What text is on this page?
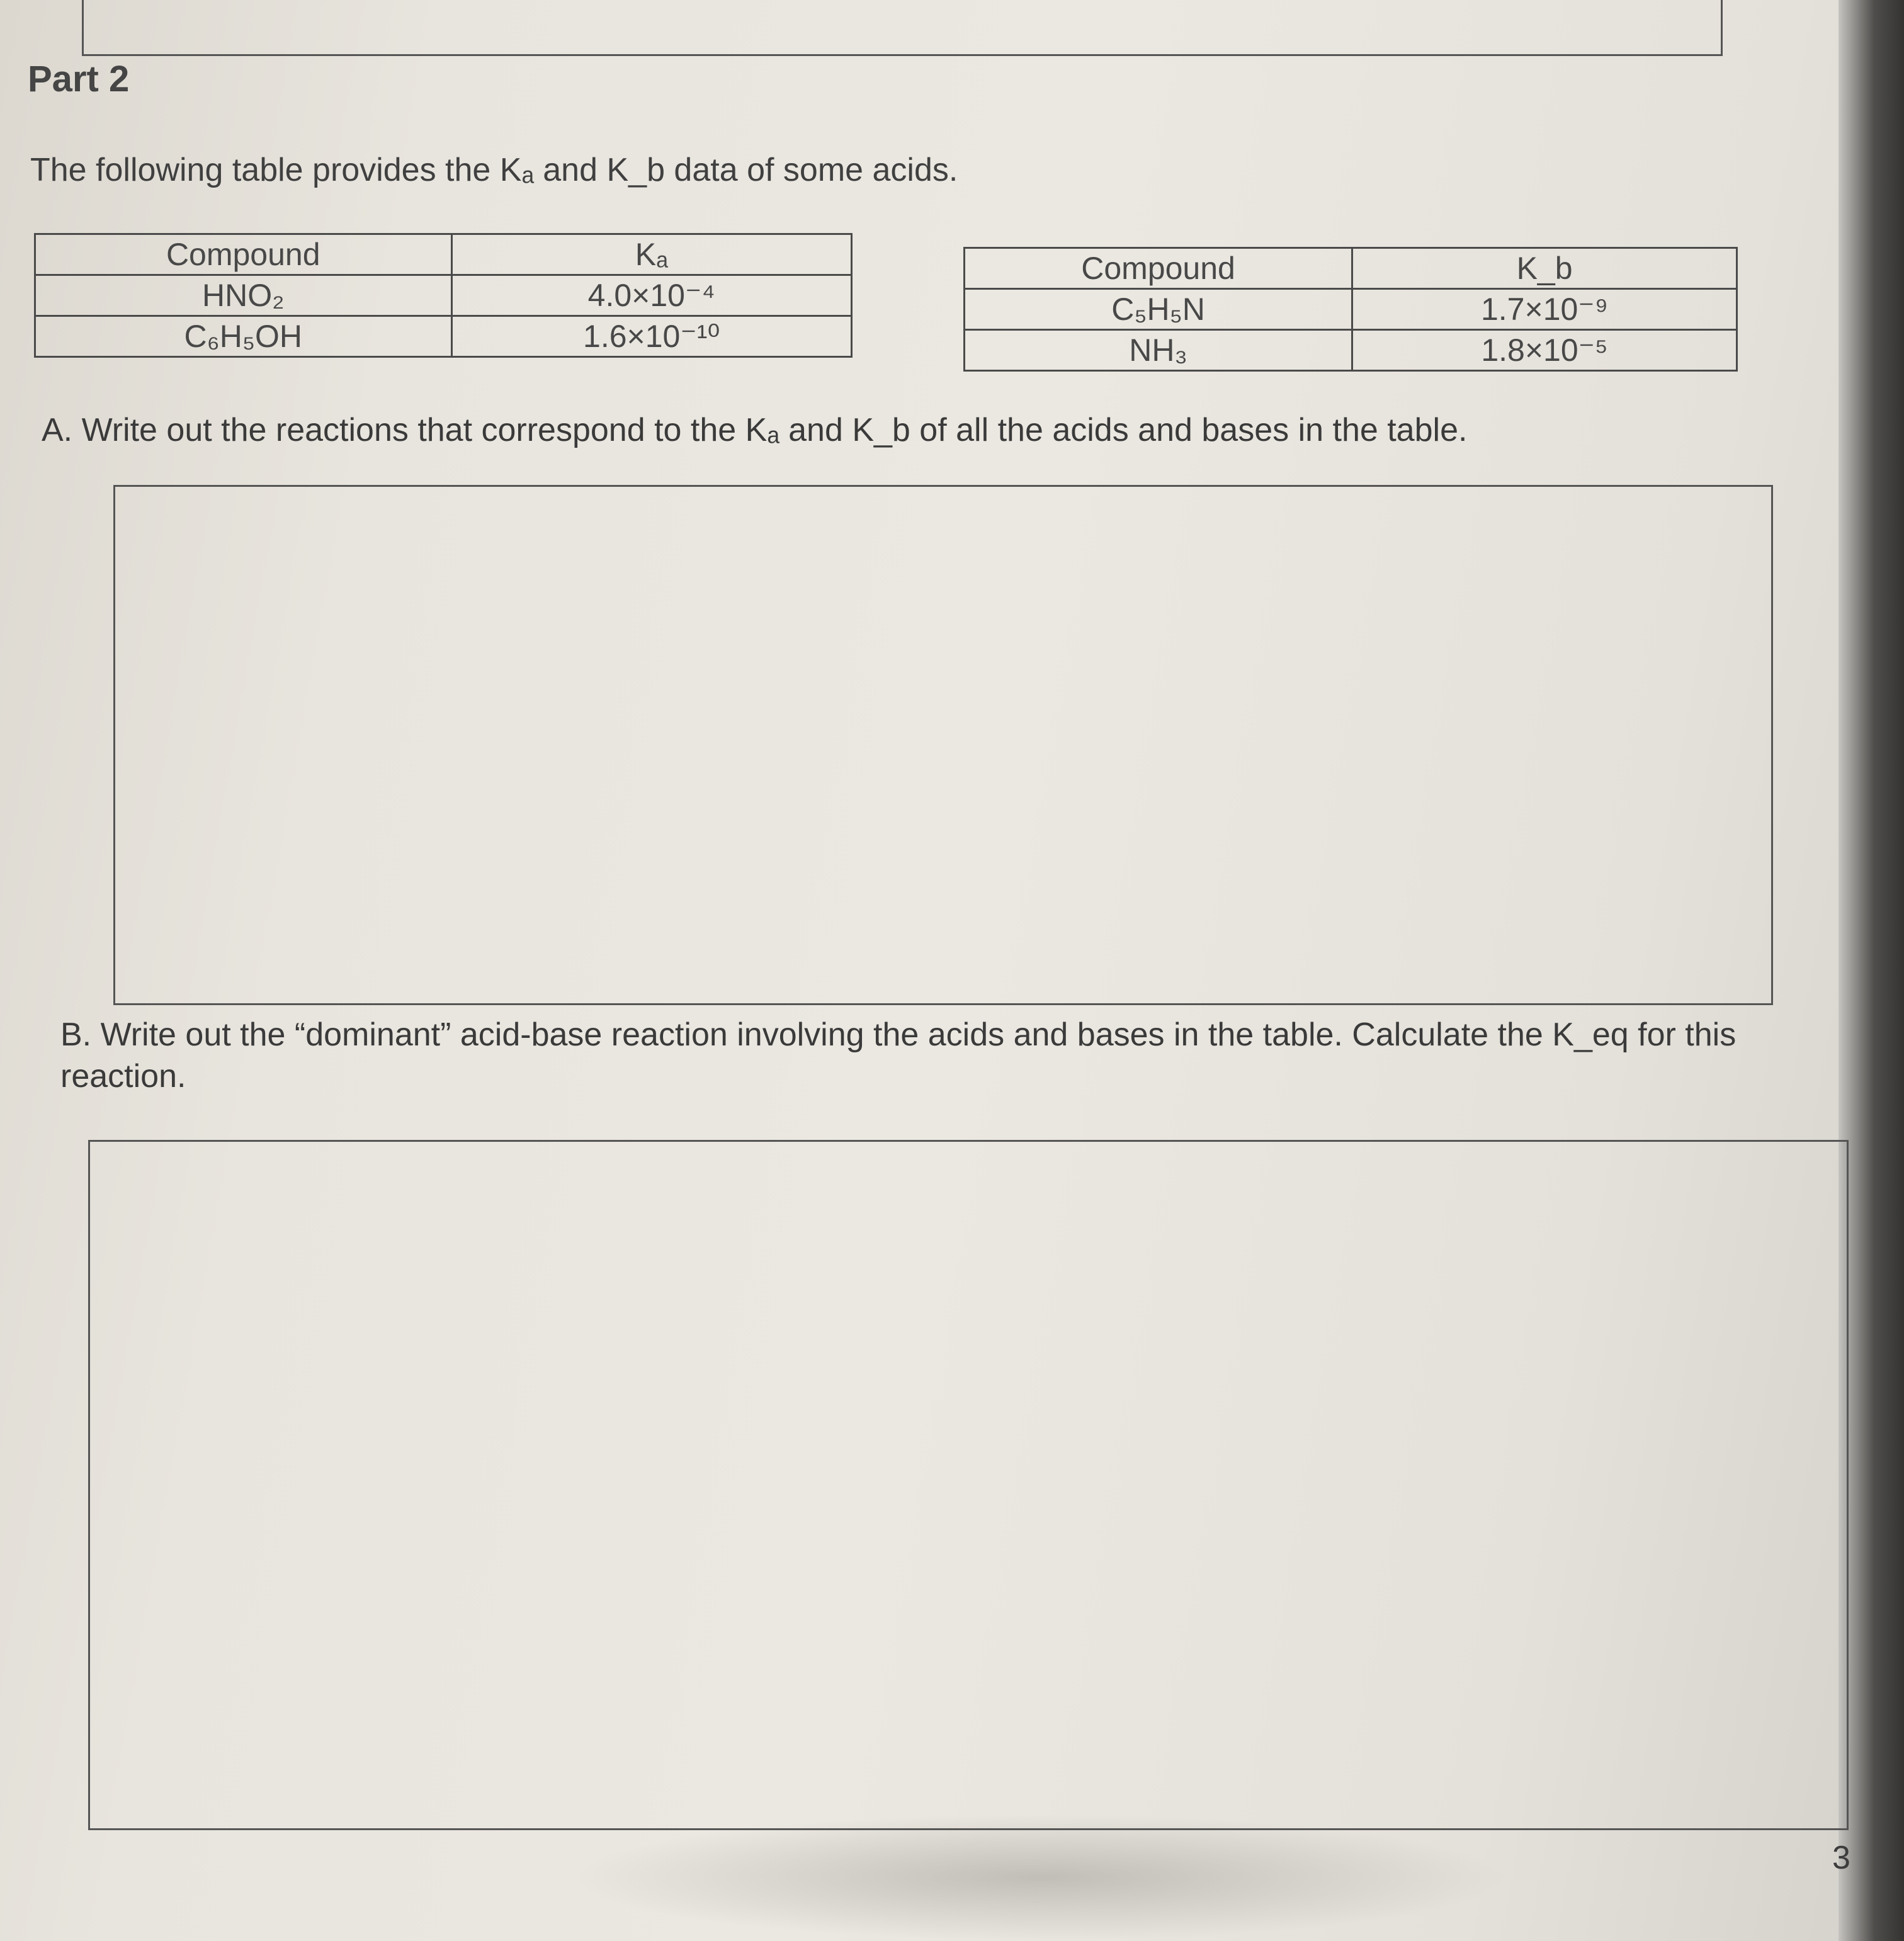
Part 2
The following table provides the Kₐ and K_b data of some acids.
Compound	Kₐ
HNO₂	4.0×10⁻⁴
C₆H₅OH	1.6×10⁻¹⁰
Compound	K_b
C₅H₅N	1.7×10⁻⁹
NH₃	1.8×10⁻⁵
A. Write out the reactions that correspond to the Kₐ and K_b of all the acids and bases in the table.
B. Write out the “dominant” acid-base reaction involving the acids and bases in the table. Calculate the K_eq for this reaction.
3
